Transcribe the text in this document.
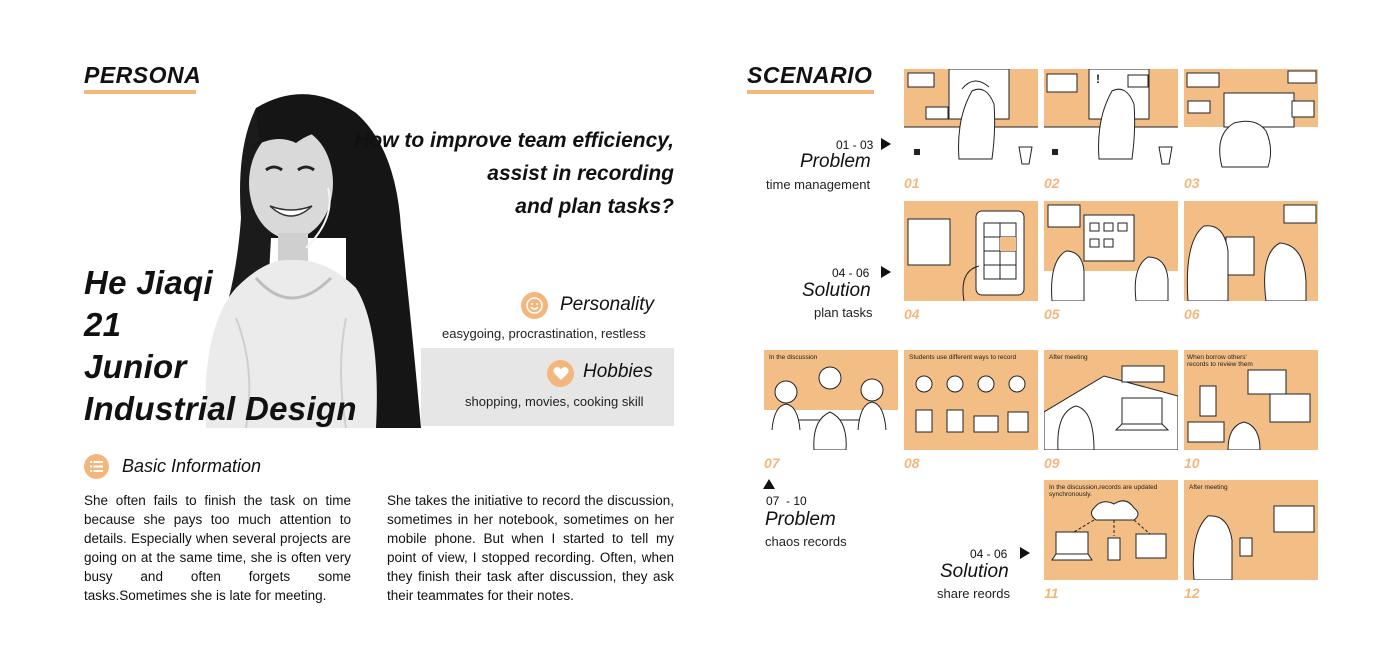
PERSONA
How to improve team efficiency,
assist in recording
and plan tasks?
He Jiaqi
21
Junior
Industrial Design
Personality
easygoing, procrastination, restless
Hobbies
shopping, movies, cooking skill
Basic Information
She often fails to finish the task on time because she pays too much attention to details. Especially when several projects are going on at the same time, she is often very busy and often forgets some tasks.Sometimes she is late for meeting.
She takes the initiative to record the discussion, sometimes in her notebook, sometimes on her mobile phone. But when I started to tell my point of view, I stopped recording. Often, when they finish their task after discussion, they ask their teammates for their notes.
SCENARIO
01 - 03
Problem
time management
04 - 06
Solution
plan tasks
07  - 10
Problem
chaos records
04 - 06
Solution
share reords
!
In the discussion	Students use different ways to record	After meeting	When borrow others' records to review them
In the discussion,records are updated synchronously.
After meeting
01	02	03
04	05	06
07	08	09	10
11	12
